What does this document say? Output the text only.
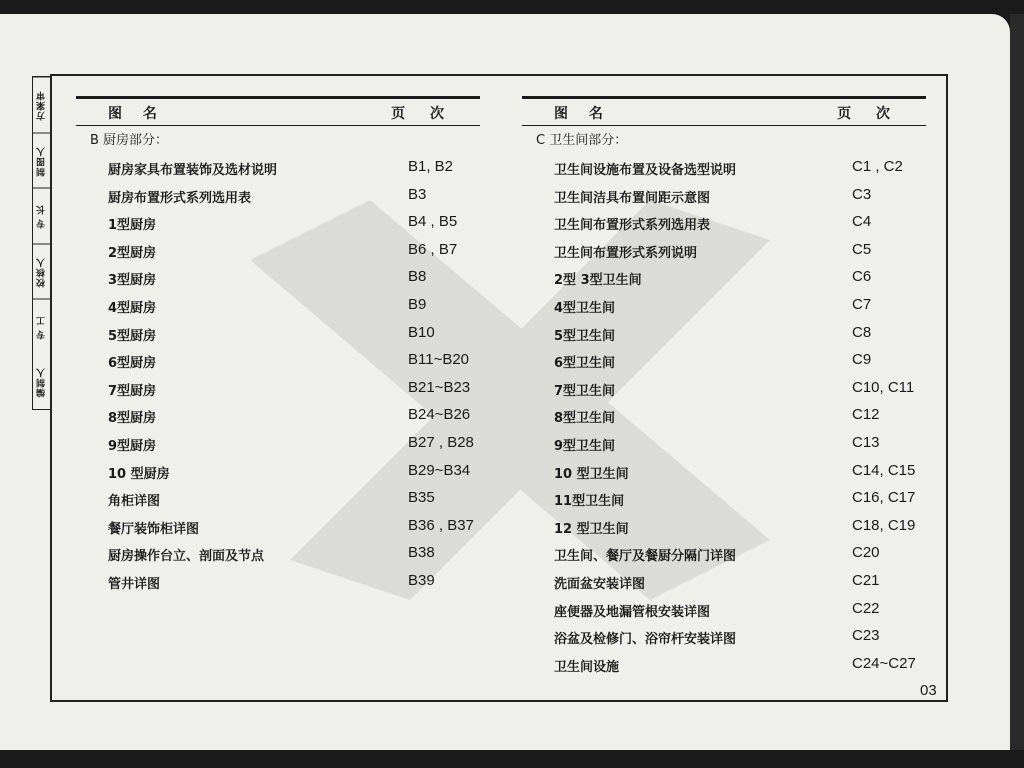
方案审
制图人
专 长
校核人
专 工
编制人
图 名	页 次
B 厨房部分：
厨房家具布置装饰及选材说明	B1, B2
厨房布置形式系列选用表	B3
1型厨房	B4 , B5
2型厨房	B6 , B7
3型厨房	B8
4型厨房	B9
5型厨房	B10
6型厨房	B11~B20
7型厨房	B21~B23
8型厨房	B24~B26
9型厨房	B27 , B28
10 型厨房	B29~B34
角柜详图	B35
餐厅装饰柜详图	B36 , B37
厨房操作台立、剖面及节点	B38
管井详图	B39
图 名	页 次
C 卫生间部分：
卫生间设施布置及设备选型说明	C1 , C2
卫生间洁具布置间距示意图	C3
卫生间布置形式系列选用表	C4
卫生间布置形式系列说明	C5
2型 3型卫生间	C6
4型卫生间	C7
5型卫生间	C8
6型卫生间	C9
7型卫生间	C10, C11
8型卫生间	C12
9型卫生间	C13
10 型卫生间	C14, C15
11型卫生间	C16, C17
12 型卫生间	C18, C19
卫生间、餐厅及餐厨分隔门详图	C20
洗面盆安装详图	C21
座便器及地漏管根安装详图	C22
浴盆及检修门、浴帘杆安装详图	C23
卫生间设施	C24~C27
03
